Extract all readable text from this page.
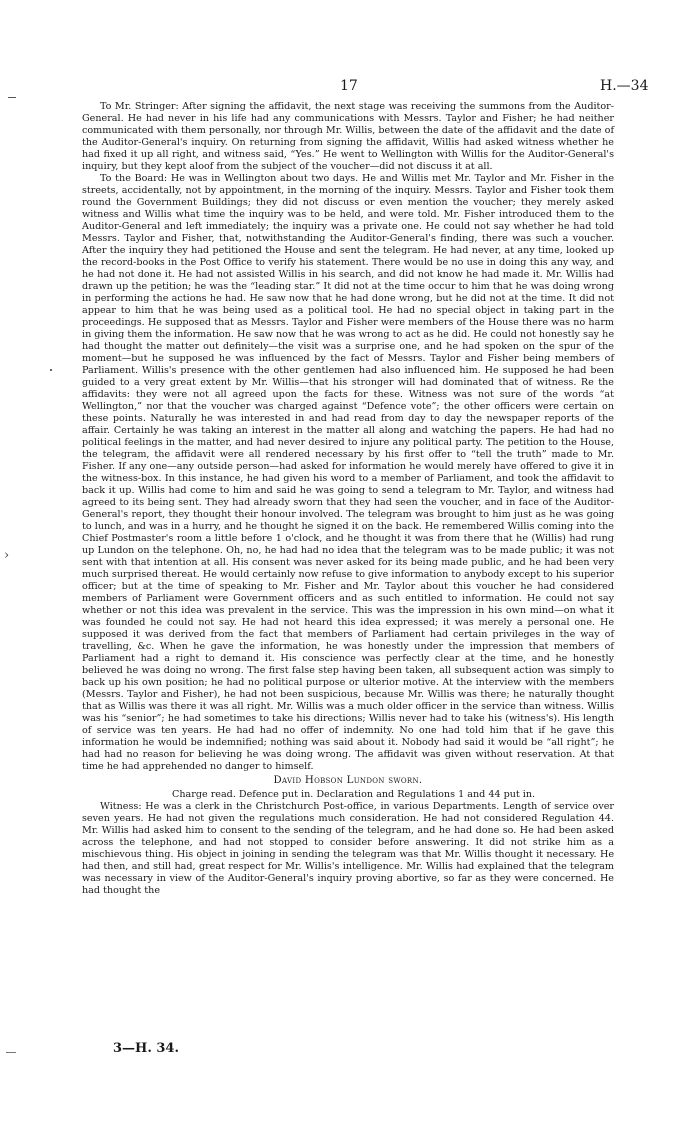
17	H.—34
›

To Mr. Stringer: After signing the affidavit, the next stage was receiving the summons from the Auditor-General. He had never in his life had any communications with Messrs. Taylor and Fisher; he had neither communicated with them personally, nor through Mr. Willis, between the date of the affidavit and the date of the Auditor-General's inquiry. On returning from signing the affidavit, Willis had asked witness whether he had fixed it up all right, and witness said, “Yes.” He went to Wellington with Willis for the Auditor-General's inquiry, but they kept aloof from the subject of the voucher—did not discuss it at all.

To the Board: He was in Wellington about two days. He and Willis met Mr. Taylor and Mr. Fisher in the streets, accidentally, not by appointment, in the morning of the inquiry. Messrs. Taylor and Fisher took them round the Government Buildings; they did not discuss or even mention the voucher; they merely asked witness and Willis what time the inquiry was to be held, and were told. Mr. Fisher introduced them to the Auditor-General and left immediately; the inquiry was a private one. He could not say whether he had told Messrs. Taylor and Fisher, that, notwithstanding the Auditor-General's finding, there was such a voucher. After the inquiry they had petitioned the House and sent the telegram. He had never, at any time, looked up the record-books in the Post Office to verify his statement. There would be no use in doing this any way, and he had not done it. He had not assisted Willis in his search, and did not know he had made it. Mr. Willis had drawn up the petition; he was the “leading star.” It did not at the time occur to him that he was doing wrong in performing the actions he had. He saw now that he had done wrong, but he did not at the time. It did not appear to him that he was being used as a political tool. He had no special object in taking part in the proceedings. He supposed that as Messrs. Taylor and Fisher were members of the House there was no harm in giving them the information. He saw now that he was wrong to act as he did. He could not honestly say he had thought the matter out definitely—the visit was a surprise one, and he had spoken on the spur of the moment—but he supposed he was influenced by the fact of Messrs. Taylor and Fisher being members of Parliament. Willis's presence with the other gentlemen had also influenced him. He supposed he had been guided to a very great extent by Mr. Willis—that his stronger will had dominated that of witness. Re the affidavits: they were not all agreed upon the facts for these. Witness was not sure of the words “at Wellington,” nor that the voucher was charged against “Defence vote”; the other officers were certain on these points. Naturally he was interested in and had read from day to day the newspaper reports of the affair. Certainly he was taking an interest in the matter all along and watching the papers. He had had no political feelings in the matter, and had never desired to injure any political party. The petition to the House, the telegram, the affidavit were all rendered necessary by his first offer to “tell the truth” made to Mr. Fisher. If any one—any outside person—had asked for information he would merely have offered to give it in the witness-box. In this instance, he had given his word to a member of Parliament, and took the affidavit to back it up. Willis had come to him and said he was going to send a telegram to Mr. Taylor, and witness had agreed to its being sent. They had already sworn that they had seen the voucher, and in face of the Auditor-General's report, they thought their honour involved. The telegram was brought to him just as he was going to lunch, and was in a hurry, and he thought he signed it on the back. He remembered Willis coming into the Chief Postmaster's room a little before 1 o'clock, and he thought it was from there that he (Willis) had rung up Lundon on the telephone. Oh, no, he had had no idea that the telegram was to be made public; it was not sent with that intention at all. His consent was never asked for its being made public, and he had been very much surprised thereat. He would certainly now refuse to give information to anybody except to his superior officer; but at the time of speaking to Mr. Fisher and Mr. Taylor about this voucher he had considered members of Parliament were Government officers and as such entitled to information. He could not say whether or not this idea was prevalent in the service. This was the impression in his own mind—on what it was founded he could not say. He had not heard this idea expressed; it was merely a personal one. He supposed it was derived from the fact that members of Parliament had certain privileges in the way of travelling, &c. When he gave the information, he was honestly under the impression that members of Parliament had a right to demand it. His conscience was perfectly clear at the time, and he honestly believed he was doing no wrong. The first false step having been taken, all subsequent action was simply to back up his own position; he had no political purpose or ulterior motive. At the interview with the members (Messrs. Taylor and Fisher), he had not been suspicious, because Mr. Willis was there; he naturally thought that as Willis was there it was all right. Mr. Willis was a much older officer in the service than witness. Willis was his “senior”; he had sometimes to take his directions; Willis never had to take his (witness's). His length of service was ten years. He had had no offer of indemnity. No one had told him that if he gave this information he would be indemnified; nothing was said about it. Nobody had said it would be “all right”; he had had no reason for believing he was doing wrong. The affidavit was given without reservation. At that time he had apprehended no danger to himself.

David Hobson Lundon sworn.

Charge read. Defence put in. Declaration and Regulations 1 and 44 put in.

Witness: He was a clerk in the Christchurch Post-office, in various Departments. Length of service over seven years. He had not given the regulations much consideration. He had not considered Regulation 44. Mr. Willis had asked him to consent to the sending of the telegram, and he had done so. He had been asked across the telephone, and had not stopped to consider before answering. It did not strike him as a mischievous thing. His object in joining in sending the telegram was that Mr. Willis thought it necessary. He had then, and still had, great respect for Mr. Willis's intelligence. Mr. Willis had explained that the telegram was necessary in view of the Auditor-General's inquiry proving abortive, so far as they were concerned. He had thought the

3—H. 34.
